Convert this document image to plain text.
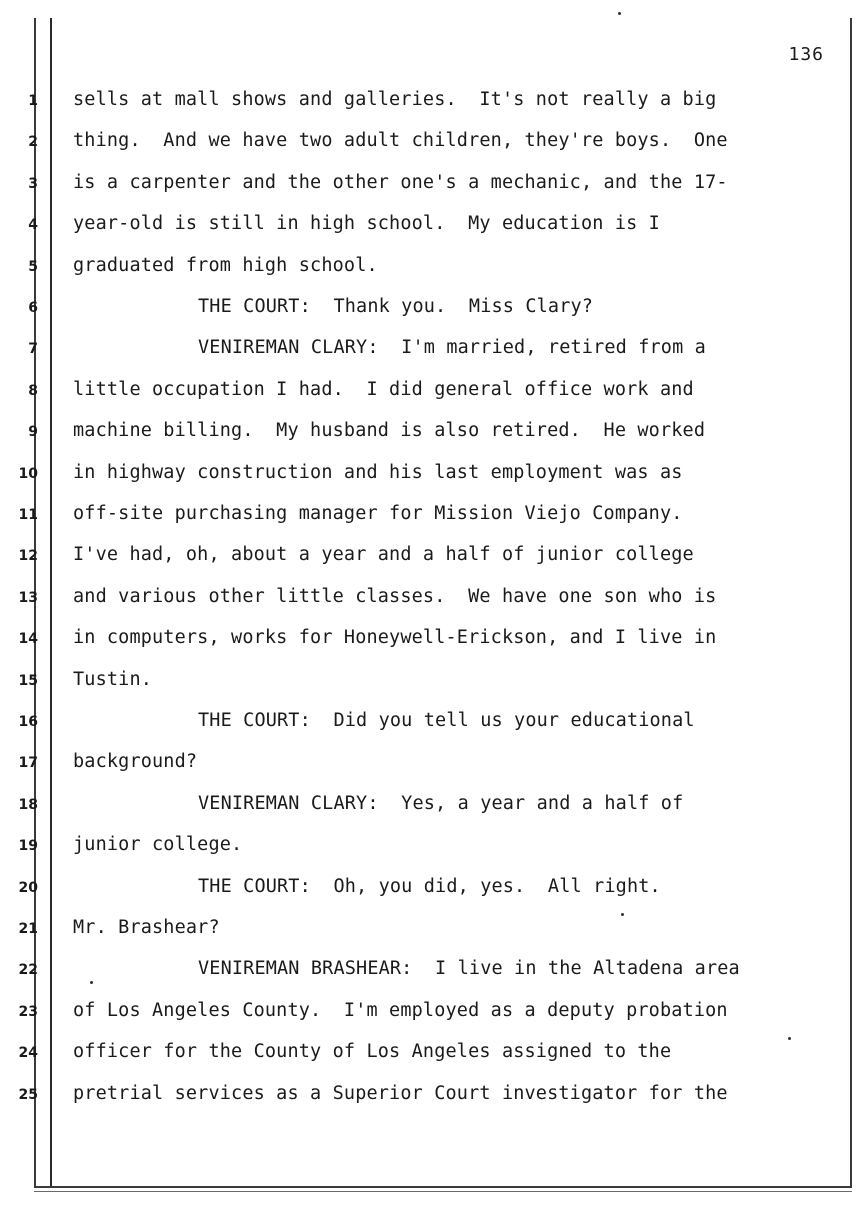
136
1 sells at mall shows and galleries.  It's not really a big
2 thing.  And we have two adult children, they're boys.  One
3 is a carpenter and the other one's a mechanic, and the 17-
4 year-old is still in high school.  My education is I
5 graduated from high school.
6	THE COURT:  Thank you.  Miss Clary?
7	VENIREMAN CLARY:  I'm married, retired from a
8 little occupation I had.  I did general office work and
9 machine billing.  My husband is also retired.  He worked
10 in highway construction and his last employment was as
11 off-site purchasing manager for Mission Viejo Company.
12 I've had, oh, about a year and a half of junior college
13 and various other little classes.  We have one son who is
14 in computers, works for Honeywell-Erickson, and I live in
15 Tustin.
16	THE COURT:  Did you tell us your educational
17 background?
18	VENIREMAN CLARY:  Yes, a year and a half of
19 junior college.
20	THE COURT:  Oh, you did, yes.  All right.
21 Mr. Brashear?
22	VENIREMAN BRASHEAR:  I live in the Altadena area
23 of Los Angeles County.  I'm employed as a deputy probation
24 officer for the County of Los Angeles assigned to the
25 pretrial services as a Superior Court investigator for the
